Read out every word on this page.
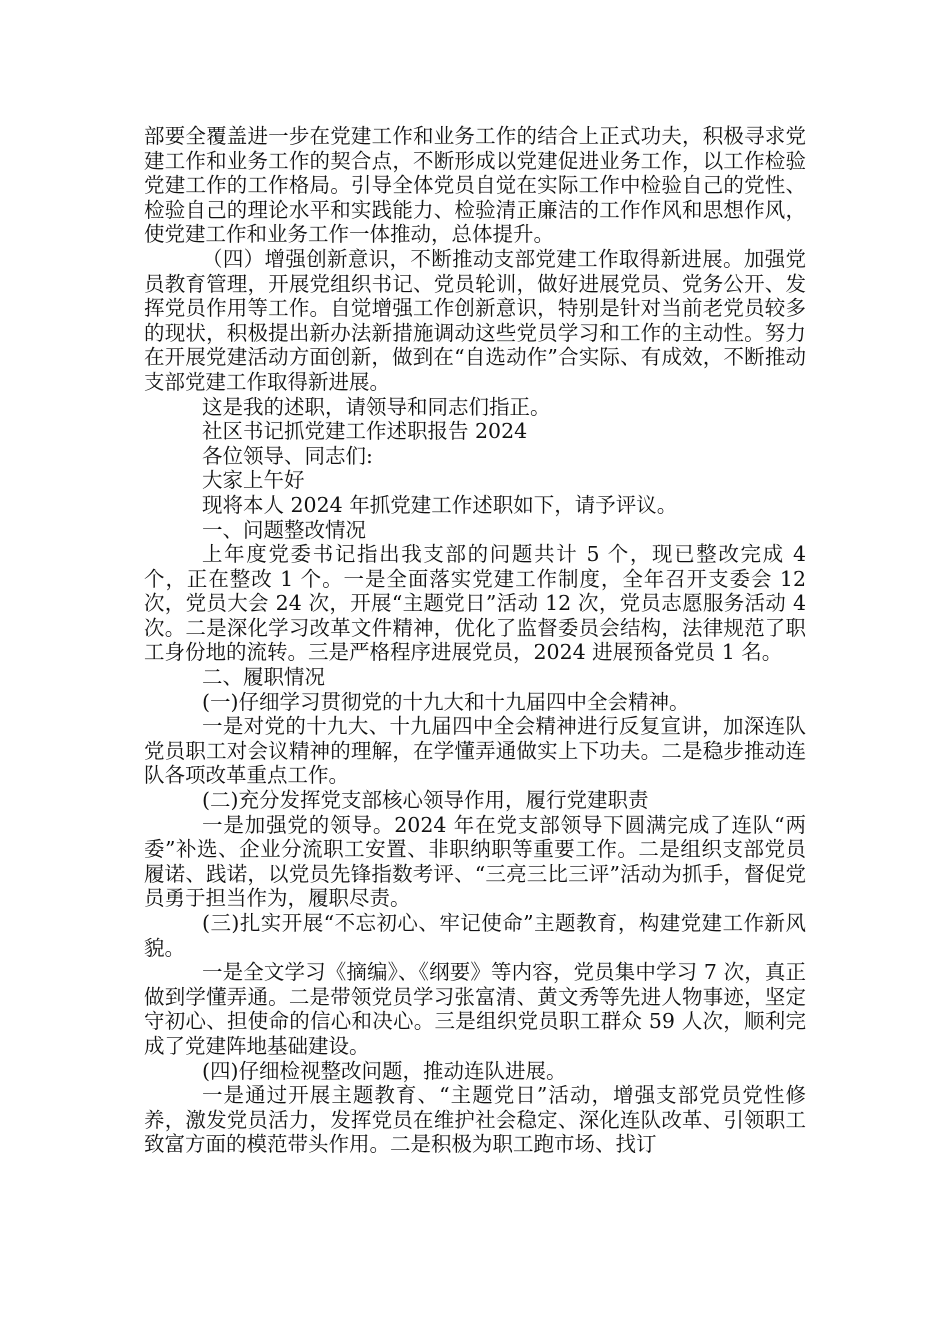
部要全覆盖进一步在党建工作和业务工作的结合上正式功夫，积极寻求党建工作和业务工作的契合点，不断形成以党建促进业务工作，以工作检验党建工作的工作格局。引导全体党员自觉在实际工作中检验自己的党性、检验自己的理论水平和实践能力、检验清正廉洁的工作作风和思想作风，使党建工作和业务工作一体推动，总体提升。

（四）增强创新意识，不断推动支部党建工作取得新进展。加强党员教育管理，开展党组织书记、党员轮训，做好进展党员、党务公开、发挥党员作用等工作。自觉增强工作创新意识，特别是针对当前老党员较多的现状，积极提出新办法新措施调动这些党员学习和工作的主动性。努力在开展党建活动方面创新，做到在“自选动作”合实际、有成效，不断推动支部党建工作取得新进展。

这是我的述职，请领导和同志们指正。

社区书记抓党建工作述职报告 2024

各位领导、同志们:

大家上午好

现将本人 2024 年抓党建工作述职如下，请予评议。

一、问题整改情况

上年度党委书记指出我支部的问题共计 5 个，现已整改完成 4 个，正在整改 1 个。一是全面落实党建工作制度，全年召开支委会 12 次，党员大会 24 次，开展“主题党日”活动 12 次，党员志愿服务活动 4 次。二是深化学习改革文件精神，优化了监督委员会结构，法律规范了职工身份地的流转。三是严格程序进展党员，2024 进展预备党员 1 名。

二、履职情况

(一)仔细学习贯彻党的十九大和十九届四中全会精神。

一是对党的十九大、十九届四中全会精神进行反复宣讲，加深连队党员职工对会议精神的理解，在学懂弄通做实上下功夫。二是稳步推动连队各项改革重点工作。

(二)充分发挥党支部核心领导作用，履行党建职责

一是加强党的领导。2024 年在党支部领导下圆满完成了连队“两委”补选、企业分流职工安置、非职纳职等重要工作。二是组织支部党员履诺、践诺，以党员先锋指数考评、“三亮三比三评”活动为抓手，督促党员勇于担当作为，履职尽责。

(三)扎实开展“不忘初心、牢记使命”主题教育，构建党建工作新风貌。

一是全文学习《摘编》、《纲要》等内容，党员集中学习 7 次，真正做到学懂弄通。二是带领党员学习张富清、黄文秀等先进人物事迹，坚定守初心、担使命的信心和决心。三是组织党员职工群众 59 人次，顺利完成了党建阵地基础建设。

(四)仔细检视整改问题，推动连队进展。

一是通过开展主题教育、“主题党日”活动，增强支部党员党性修养，激发党员活力，发挥党员在维护社会稳定、深化连队改革、引领职工致富方面的模范带头作用。二是积极为职工跑市场、找订
